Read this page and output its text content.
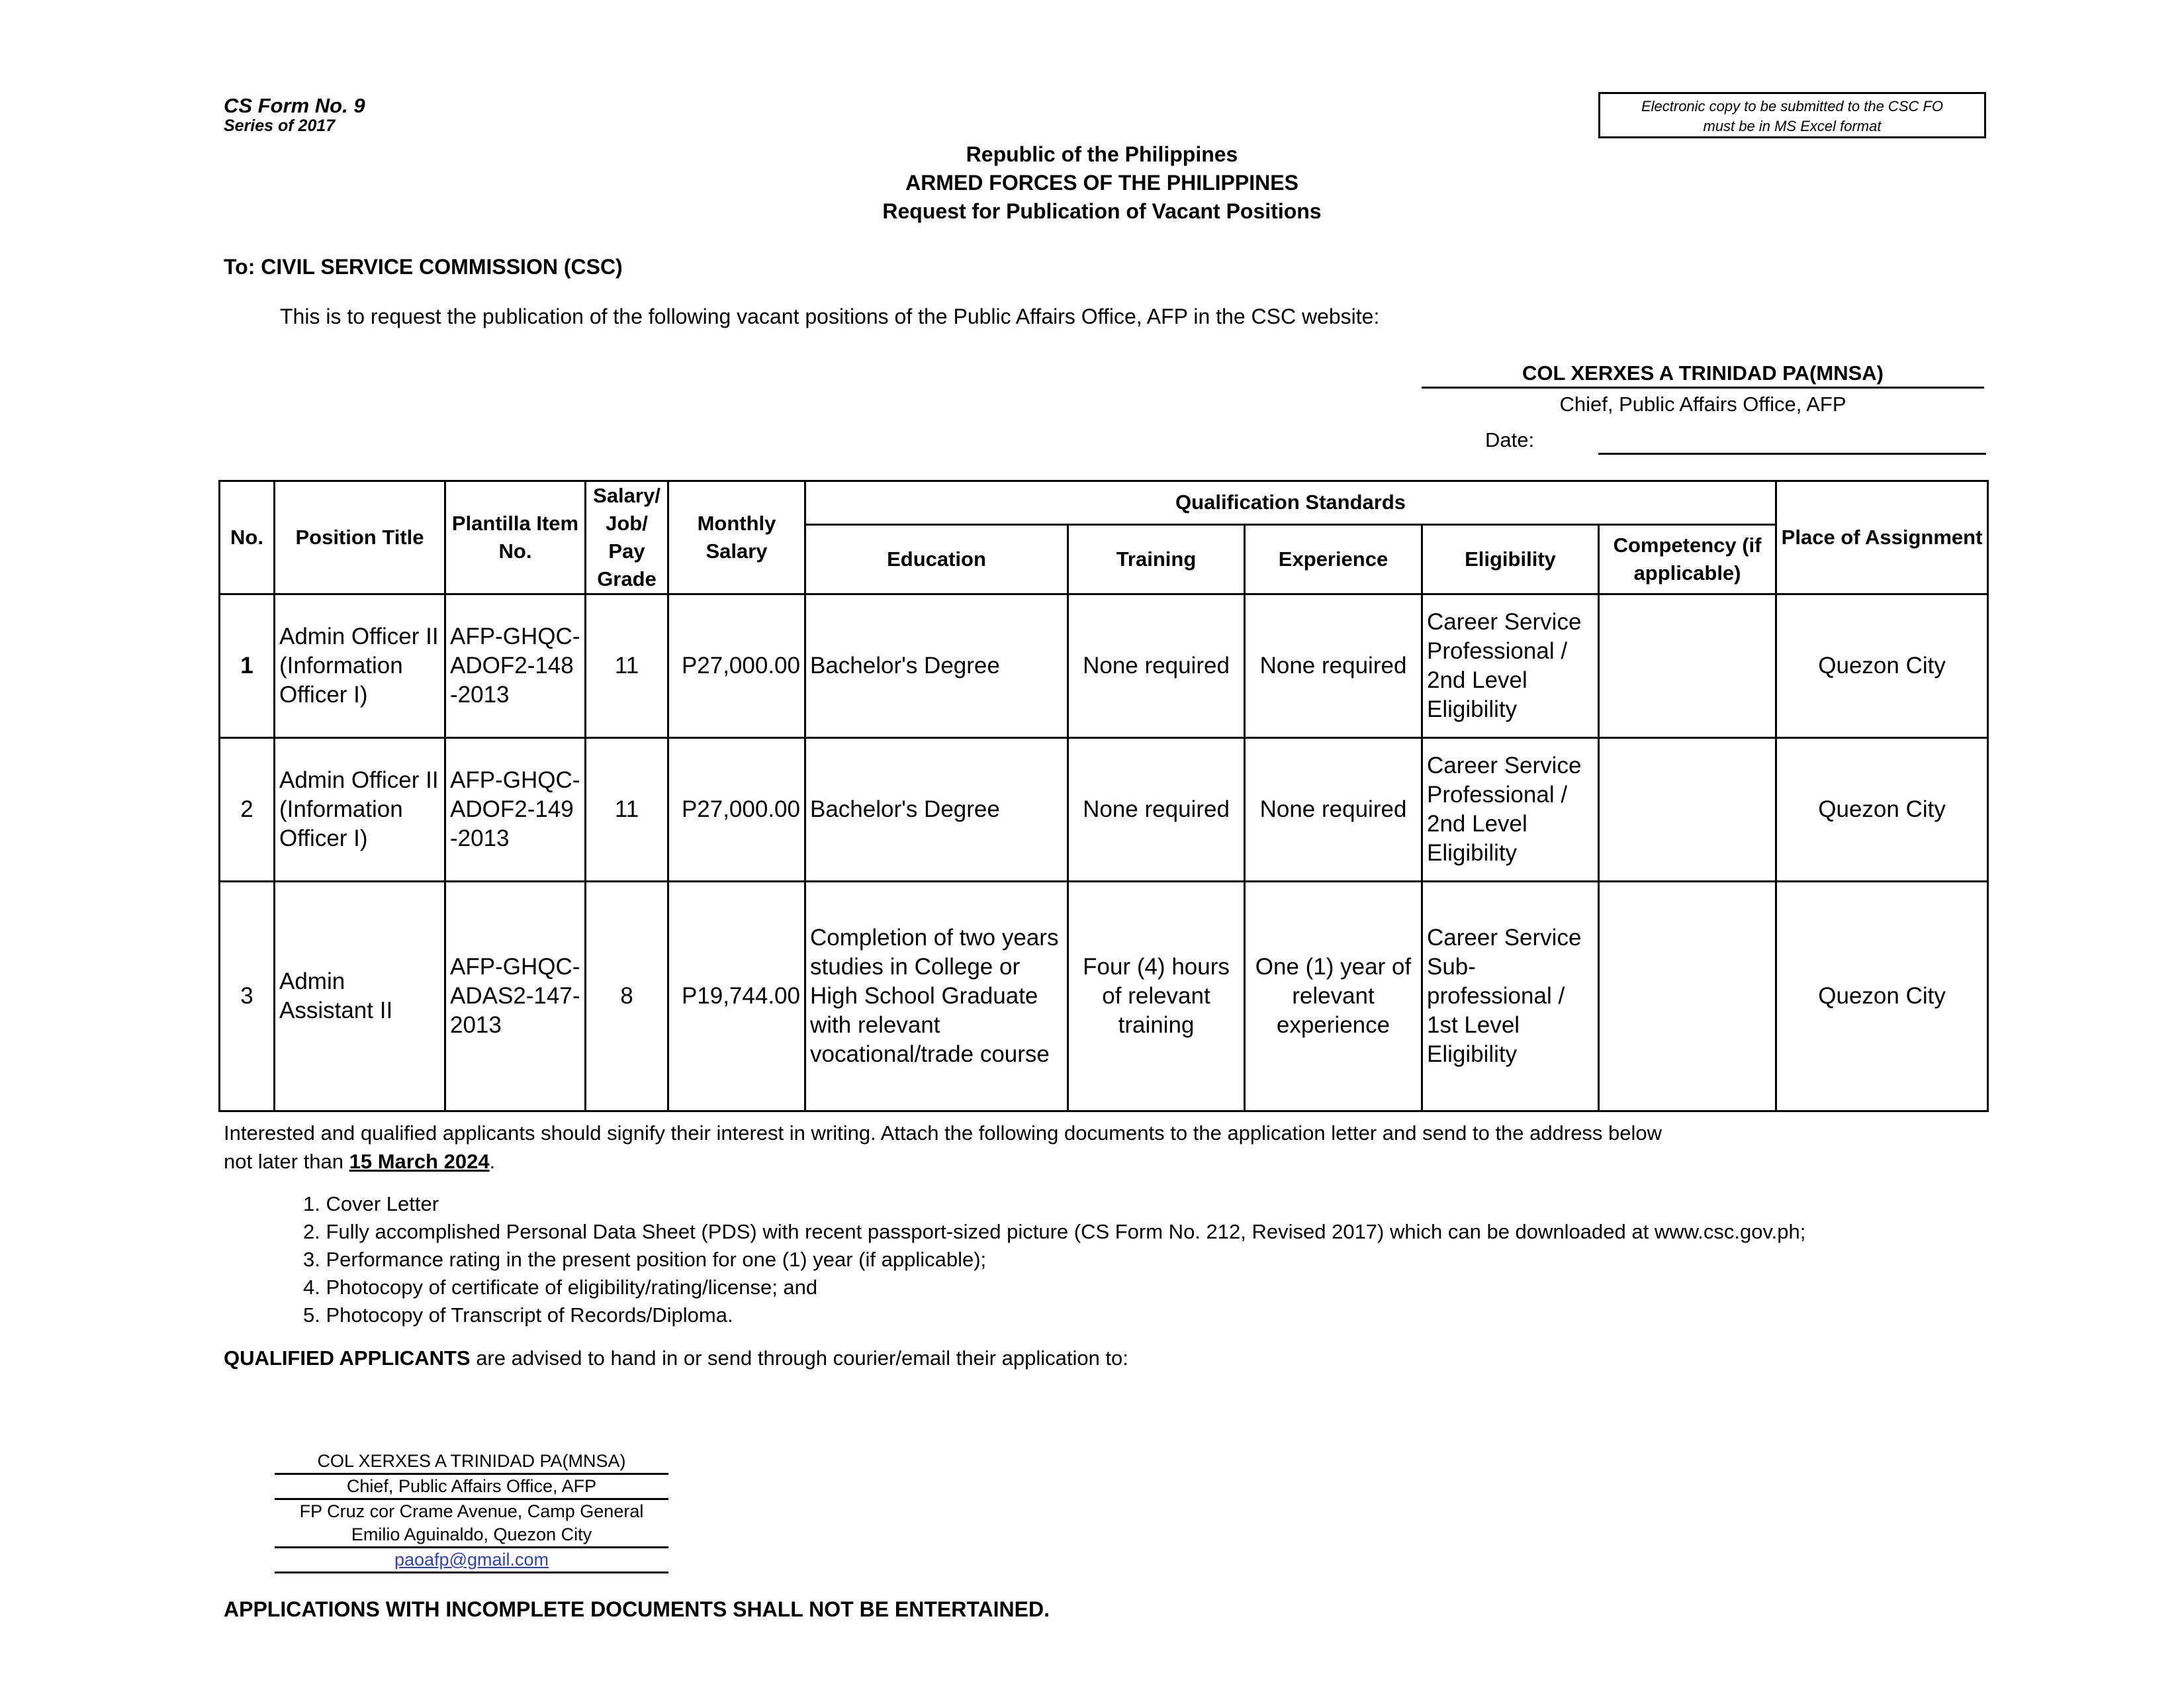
CS Form No. 9
Series of 2017
Electronic copy to be submitted to the CSC FO
must be in MS Excel format
Republic of the Philippines
ARMED FORCES OF THE PHILIPPINES
Request for Publication of Vacant Positions
To: CIVIL SERVICE COMMISSION (CSC)
This is to request the publication of the following vacant positions of the Public Affairs Office, AFP in the CSC website:
COL XERXES A TRINIDAD PA(MNSA)
Chief, Public Affairs Office, AFP
Date:
No.	Position Title	Plantilla Item No.	Salary/ Job/ Pay Grade	Monthly Salary	Qualification Standards					Place of Assignment
					Education	Training	Experience	Eligibility	Competency (if applicable)	
1	Admin Officer II (Information Officer I)	AFP-GHQC-ADOF2-148-2013	11	P27,000.00	Bachelor's Degree	None required	None required	Career Service Professional / 2nd Level Eligibility		Quezon City
2	Admin Officer II (Information Officer I)	AFP-GHQC-ADOF2-149-2013	11	P27,000.00	Bachelor's Degree	None required	None required	Career Service Professional / 2nd Level Eligibility		Quezon City
3	Admin Assistant II	AFP-GHQC-ADAS2-147-2013	8	P19,744.00	Completion of two years studies in College or High School Graduate with relevant vocational/trade course	Four (4) hours of relevant training	One (1) year of relevant experience	Career Service Sub-professional / 1st Level Eligibility		Quezon City
Interested and qualified applicants should signify their interest in writing. Attach the following documents to the application letter and send to the address below
not later than 15 March 2024.
1. Cover Letter
2. Fully accomplished Personal Data Sheet (PDS) with recent passport-sized picture (CS Form No. 212, Revised 2017) which can be downloaded at www.csc.gov.ph;
3. Performance rating in the present position for one (1) year (if applicable);
4. Photocopy of certificate of eligibility/rating/license; and
5. Photocopy of Transcript of Records/Diploma.
QUALIFIED APPLICANTS are advised to hand in or send through courier/email their application to:
COL XERXES A TRINIDAD PA(MNSA)
Chief, Public Affairs Office, AFP
FP Cruz cor Crame Avenue, Camp General
Emilio Aguinaldo, Quezon City
paoafp@gmail.com
APPLICATIONS WITH INCOMPLETE DOCUMENTS SHALL NOT BE ENTERTAINED.
